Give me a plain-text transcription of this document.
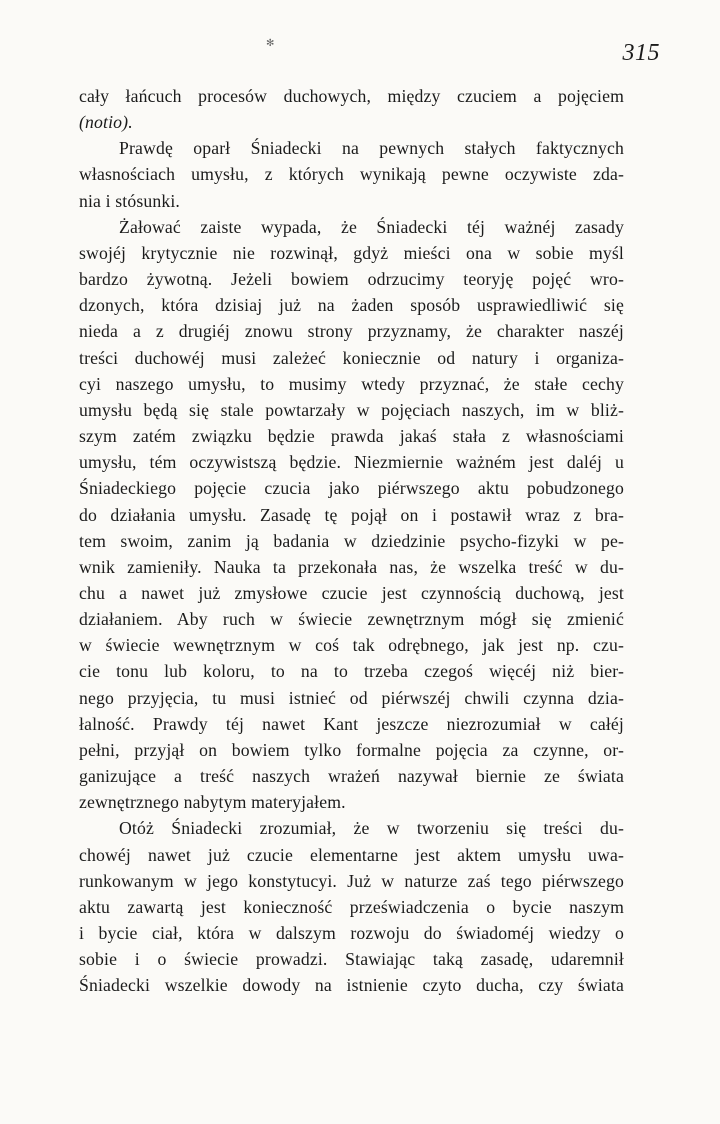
✻	315
cały łańcuch procesów duchowych, między czuciem a pojęciem
(notio).
Prawdę oparł Śniadecki na pewnych stałych faktycznych
własnościach umysłu, z których wynikają pewne oczywiste zda-
nia i stósunki.
Żałować zaiste wypada, że Śniadecki téj ważnéj zasady
swojéj krytycznie nie rozwinął, gdyż mieści ona w sobie myśl
bardzo żywotną. Jeżeli bowiem odrzucimy teoryję pojęć wro-
dzonych, która dzisiaj już na żaden sposób usprawiedliwić się
nieda a z drugiéj znowu strony przyznamy, że charakter naszéj
treści duchowéj musi zależeć koniecznie od natury i organiza-
cyi naszego umysłu, to musimy wtedy przyznać, że stałe cechy
umysłu będą się stale powtarzały w pojęciach naszych, im w bliż-
szym zatém związku będzie prawda jakaś stała z własnościami
umysłu, tém oczywistszą będzie. Niezmiernie ważném jest daléj u
Śniadeckiego pojęcie czucia jako piérwszego aktu pobudzonego
do działania umysłu. Zasadę tę pojął on i postawił wraz z bra-
tem swoim, zanim ją badania w dziedzinie psycho-fizyki w pe-
wnik zamieniły. Nauka ta przekonała nas, że wszelka treść w du-
chu a nawet już zmysłowe czucie jest czynnością duchową, jest
działaniem. Aby ruch w świecie zewnętrznym mógł się zmienić
w świecie wewnętrznym w coś tak odrębnego, jak jest np. czu-
cie tonu lub koloru, to na to trzeba czegoś więcéj niż bier-
nego przyjęcia, tu musi istnieć od piérwszéj chwili czynna dzia-
łalność. Prawdy téj nawet Kant jeszcze niezrozumiał w całéj
pełni, przyjął on bowiem tylko formalne pojęcia za czynne, or-
ganizujące a treść naszych wrażeń nazywał biernie ze świata
zewnętrznego nabytym materyjałem.
Otóż Śniadecki zrozumiał, że w tworzeniu się treści du-
chowéj nawet już czucie elementarne jest aktem umysłu uwa-
runkowanym w jego konstytucyi. Już w naturze zaś tego piérwszego
aktu zawartą jest konieczność przeświadczenia o bycie naszym
i bycie ciał, która w dalszym rozwoju do świadoméj wiedzy o
sobie i o świecie prowadzi. Stawiając taką zasadę, udaremnił
Śniadecki wszelkie dowody na istnienie czyto ducha, czy świata
